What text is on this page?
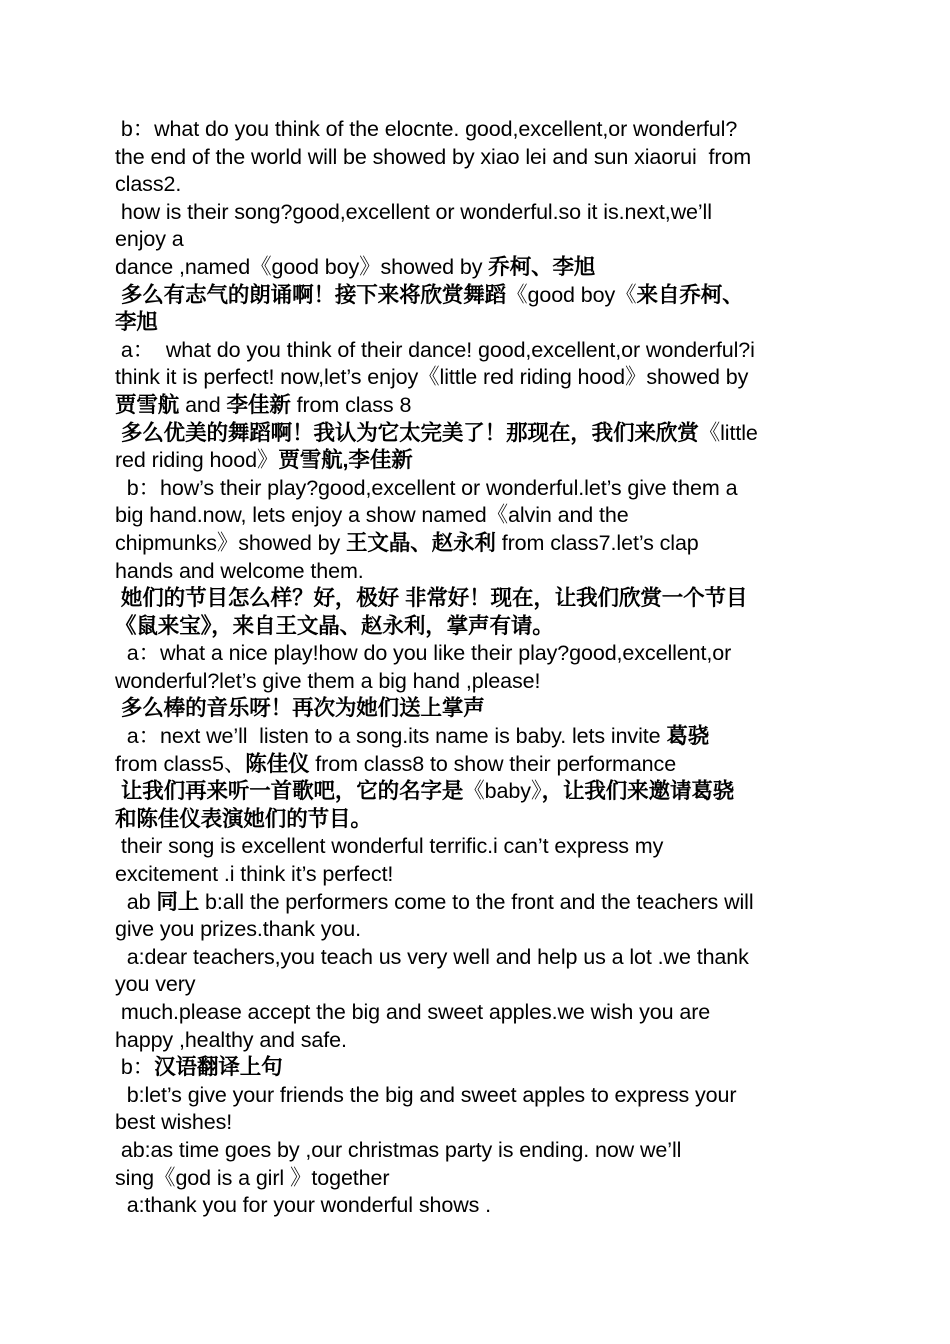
b：what do you think of the elocnte. good,excellent,or wonderful?
the end of the world will be showed by xiao lei and sun xiaorui  from
class2.
how is their song?good,excellent or wonderful.so it is.next,we’ll
enjoy a
dance ,named《good boy》showed by 乔柯、李旭
多么有志气的朗诵啊！接下来将欣赏舞蹈《good boy《来自乔柯、
李旭
a：  what do you think of their dance! good,excellent,or wonderful?i
think it is perfect! now,let’s enjoy《little red riding hood》showed by
贾雪航 and 李佳新 from class 8
多么优美的舞蹈啊！我认为它太完美了！那现在，我们来欣赏《little
red riding hood》贾雪航,李佳新
b：how’s their play?good,excellent or wonderful.let’s give them a
big hand.now, lets enjoy a show named《alvin and the
chipmunks》showed by 王文晶、赵永利 from class7.let’s clap
hands and welcome them.
她们的节目怎么样？好，极好 非常好！现在，让我们欣赏一个节目
《鼠来宝》，来自王文晶、赵永利，掌声有请。
a：what a nice play!how do you like their play?good,excellent,or
wonderful?let’s give them a big hand ,please!
多么棒的音乐呀！再次为她们送上掌声
a：next we’ll  listen to a song.its name is baby. lets invite 葛骁
from class5、陈佳仪 from class8 to show their performance
让我们再来听一首歌吧，它的名字是《baby》，让我们来邀请葛骁
和陈佳仪表演她们的节目。
their song is excellent wonderful terrific.i can’t express my
excitement .i think it’s perfect!
ab 同上 b:all the performers come to the front and the teachers will
give you prizes.thank you.
a:dear teachers,you teach us very well and help us a lot .we thank
you very
much.please accept the big and sweet apples.we wish you are
happy ,healthy and safe.
b：汉语翻译上句
b:let’s give your friends the big and sweet apples to express your
best wishes!
ab:as time goes by ,our christmas party is ending. now we’ll
sing《god is a girl 》together
a:thank you for your wonderful shows .
